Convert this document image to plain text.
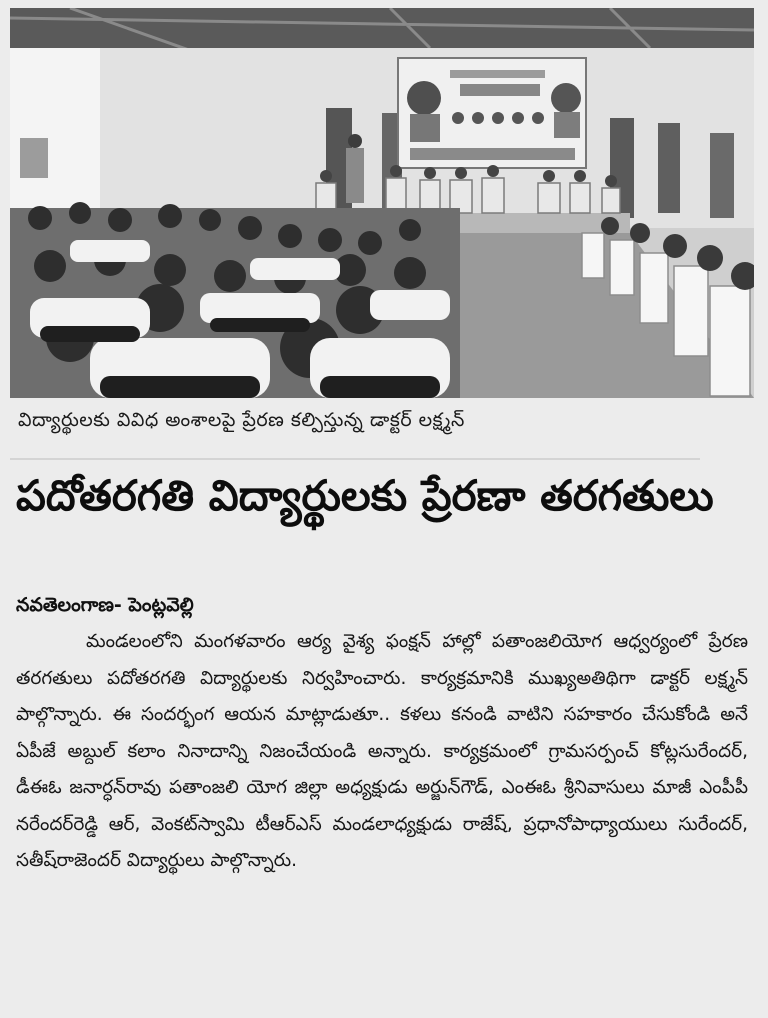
విద్యార్థులకు వివిధ అంశాలపై ప్రేరణ కల్పిస్తున్న డాక్టర్ లక్ష్మన్
పదోతరగతి విద్యార్థులకు ప్రేరణా తరగతులు
నవతెలంగాణ- పెంట్లవెల్లి
మండలంలోని మంగళవారం ఆర్య వైశ్య ఫంక్షన్ హాల్లో పతాంజలియోగ ఆధ్వర్యంలో ప్రేరణ తరగతులు పదోతరగతి విద్యార్థులకు నిర్వహించారు. కార్యక్రమానికి ముఖ్యఅతిథిగా డాక్టర్ లక్ష్మన్ పాల్గొన్నారు. ఈ సందర్భంగ ఆయన మాట్లాడుతూ.. కళలు కనండి వాటిని సహకారం చేసుకోండి అనే ఏపీజే అబ్దుల్ కలాం నినాదాన్ని నిజంచేయండి అన్నారు. కార్యక్రమంలో గ్రామసర్పంచ్ కోట్లసురేందర్, డీఈఓ జనార్ధన్‌రావు పతాంజలి యోగ జిల్లా అధ్యక్షుడు అర్జున్‌గౌడ్, ఎంఈఓ శ్రీనివాసులు మాజీ ఎంపీపీ నరేందర్‌రెడ్డి ఆర్, వెంకట్‌స్వామి టీఆర్ఎస్ మండలాధ్యక్షుడు రాజేష్, ప్రధానోపాధ్యాయులు సురేందర్, సతీష్‌రాజెందర్ విద్యార్థులు పాల్గొన్నారు.
